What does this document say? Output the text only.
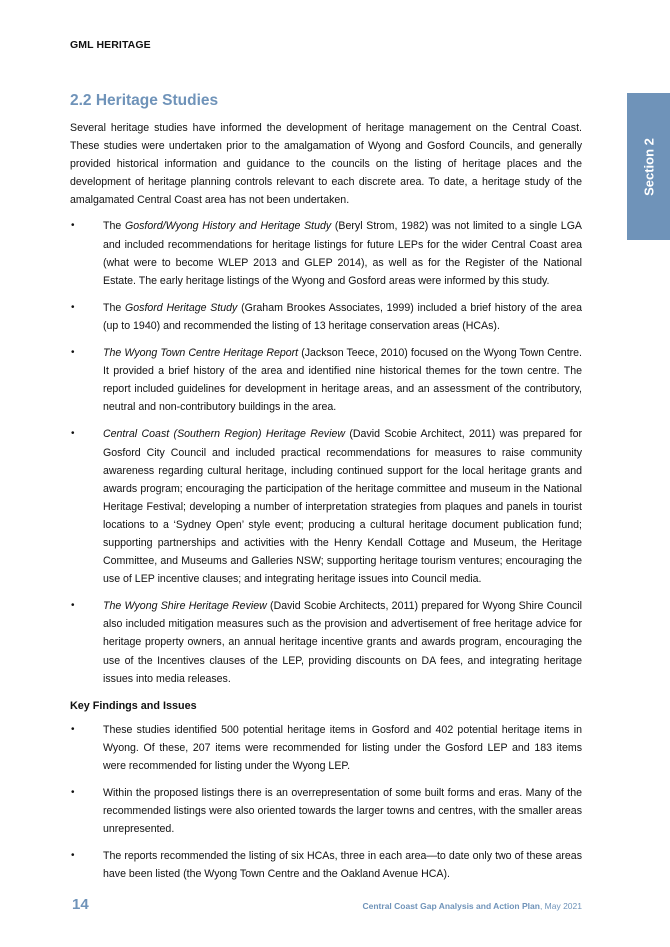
GML HERITAGE
Section 2
2.2 Heritage Studies

Several heritage studies have informed the development of heritage management on the Central Coast. These studies were undertaken prior to the amalgamation of Wyong and Gosford Councils, and generally provided historical information and guidance to the councils on the listing of heritage places and the development of heritage planning controls relevant to each discrete area. To date, a heritage study of the amalgamated Central Coast area has not been undertaken.

•	The Gosford/Wyong History and Heritage Study (Beryl Strom, 1982) was not limited to a single LGA and included recommendations for heritage listings for future LEPs for the wider Central Coast area (what were to become WLEP 2013 and GLEP 2014), as well as for the Register of the National Estate. The early heritage listings of the Wyong and Gosford areas were informed by this study.
•	The Gosford Heritage Study (Graham Brookes Associates, 1999) included a brief history of the area (up to 1940) and recommended the listing of 13 heritage conservation areas (HCAs).
•	The Wyong Town Centre Heritage Report (Jackson Teece, 2010) focused on the Wyong Town Centre. It provided a brief history of the area and identified nine historical themes for the town centre. The report included guidelines for development in heritage areas, and an assessment of the contributory, neutral and non-contributory buildings in the area.
•	Central Coast (Southern Region) Heritage Review (David Scobie Architect, 2011) was prepared for Gosford City Council and included practical recommendations for measures to raise community awareness regarding cultural heritage, including continued support for the local heritage grants and awards program; encouraging the participation of the heritage committee and museum in the National Heritage Festival; developing a number of interpretation strategies from plaques and panels in tourist locations to a ‘Sydney Open’ style event; producing a cultural heritage document publication fund; supporting partnerships and activities with the Henry Kendall Cottage and Museum, the Heritage Committee, and Museums and Galleries NSW; supporting heritage tourism ventures; encouraging the use of LEP incentive clauses; and integrating heritage issues into Council media.
•	The Wyong Shire Heritage Review (David Scobie Architects, 2011) prepared for Wyong Shire Council also included mitigation measures such as the provision and advertisement of free heritage advice for heritage property owners, an annual heritage incentive grants and awards program, encouraging the use of the Incentives clauses of the LEP, providing discounts on DA fees, and integrating heritage issues into media releases.
Key Findings and Issues
•	These studies identified 500 potential heritage items in Gosford and 402 potential heritage items in Wyong. Of these, 207 items were recommended for listing under the Gosford LEP and 183 items were recommended for listing under the Wyong LEP.
•	Within the proposed listings there is an overrepresentation of some built forms and eras. Many of the recommended listings were also oriented towards the larger towns and centres, with the smaller areas unrepresented.
•	The reports recommended the listing of six HCAs, three in each area—to date only two of these areas have been listed (the Wyong Town Centre and the Oakland Avenue HCA).
14	Central Coast Gap Analysis and Action Plan, May 2021
